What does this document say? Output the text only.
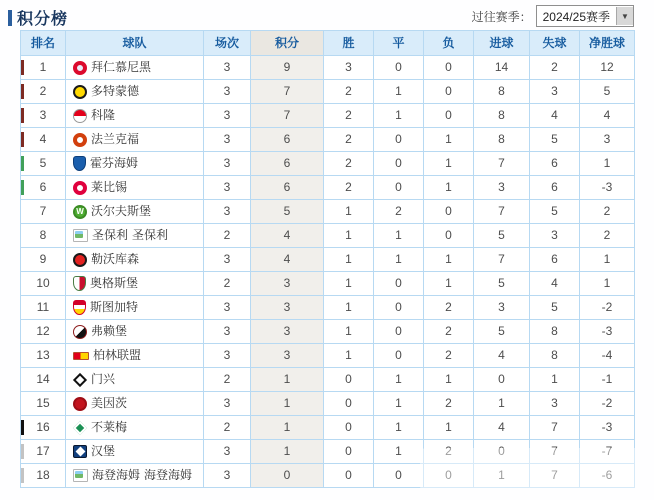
积分榜	过往赛季： 2024/25赛季	▼
排名	球队	场次	积分	胜	平	负	进球	失球	净胜球

1	拜仁慕尼黑	3	9	3	0	0	14	2	12

2	多特蒙德	3	7	2	1	0	8	3	5

3	科隆	3	7	2	1	0	8	4	4

4	法兰克福	3	6	2	0	1	8	5	3

5	霍芬海姆	3	6	2	0	1	7	6	1

6	莱比锡	3	6	2	0	1	3	6	-3
7	W 沃尔夫斯堡	3	5	1	2	0	7	5	2
8	圣保利 圣保利	2	4	1	1	0	5	3	2
9	勒沃库森	3	4	1	1	1	7	6	1
10	奥格斯堡	2	3	1	0	1	5	4	1
11	斯图加特	3	3	1	0	2	3	5	-2
12	弗赖堡	3	3	1	0	2	5	8	-3
13	柏林联盟	3	3	1	0	2	4	8	-4
14	门兴	2	1	0	1	1	0	1	-1
15	美因茨	3	1	0	1	2	1	3	-2

16	不莱梅	2	1	0	1	1	4	7	-3

17	汉堡	3	1	0	1	2	0	7	-7

18	海登海姆 海登海姆	3	0	0	0	0	1	7	-6
